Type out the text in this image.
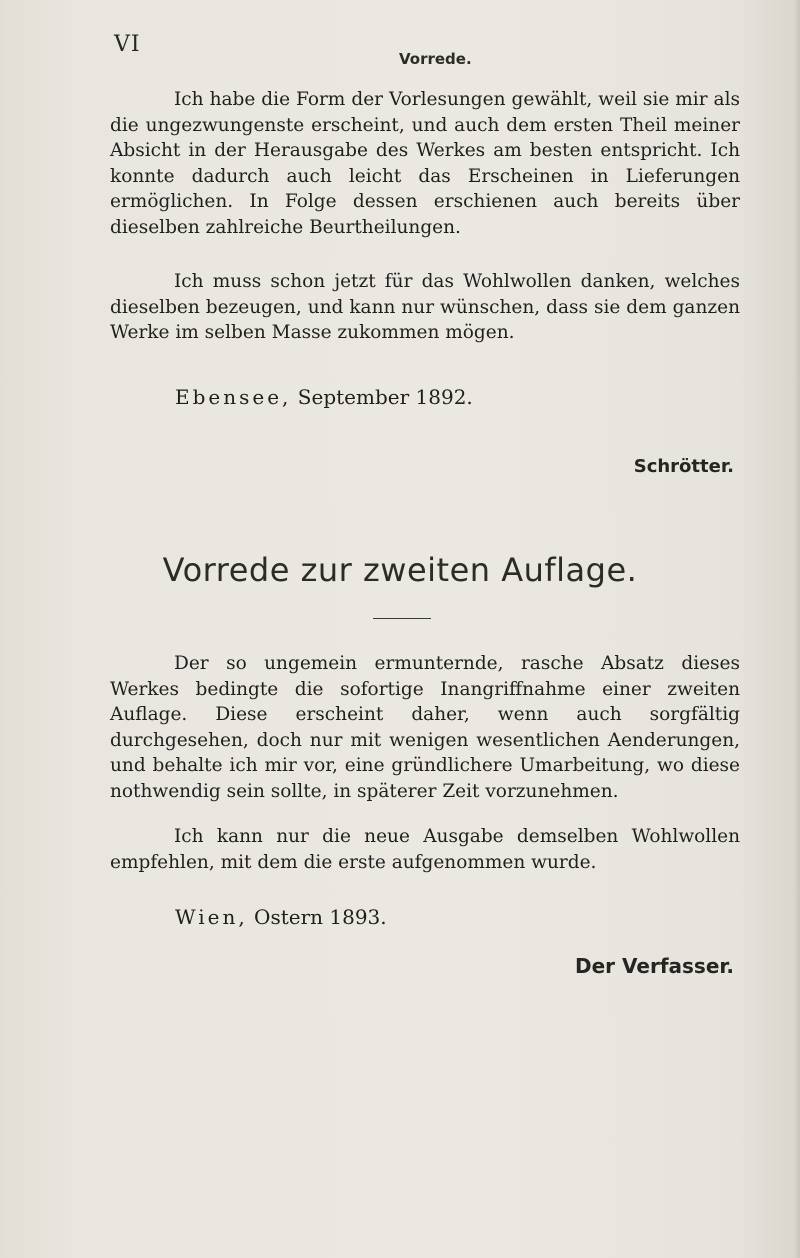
VI
Vorrede.

Ich habe die Form der Vorlesungen gewählt, weil sie mir als die ungezwungenste erscheint, und auch dem ersten Theil meiner Absicht in der Herausgabe des Werkes am besten entspricht. Ich konnte dadurch auch leicht das Erscheinen in Lieferungen ermöglichen. In Folge dessen erschienen auch bereits über dieselben zahlreiche Beurtheilungen.

Ich muss schon jetzt für das Wohlwollen danken, welches dieselben bezeugen, und kann nur wünschen, dass sie dem ganzen Werke im selben Masse zukommen mögen.

Ebensee, September 1892.
Schrötter.
Vorrede zur zweiten Auflage.

Der so ungemein ermunternde, rasche Absatz dieses Werkes bedingte die sofortige Inangriffnahme einer zweiten Auflage. Diese erscheint daher, wenn auch sorgfältig durchgesehen, doch nur mit wenigen wesentlichen Aenderungen, und behalte ich mir vor, eine gründlichere Umarbeitung, wo diese nothwendig sein sollte, in späterer Zeit vorzunehmen.

Ich kann nur die neue Ausgabe demselben Wohlwollen empfehlen, mit dem die erste aufgenommen wurde.

Wien, Ostern 1893.
Der Verfasser.
